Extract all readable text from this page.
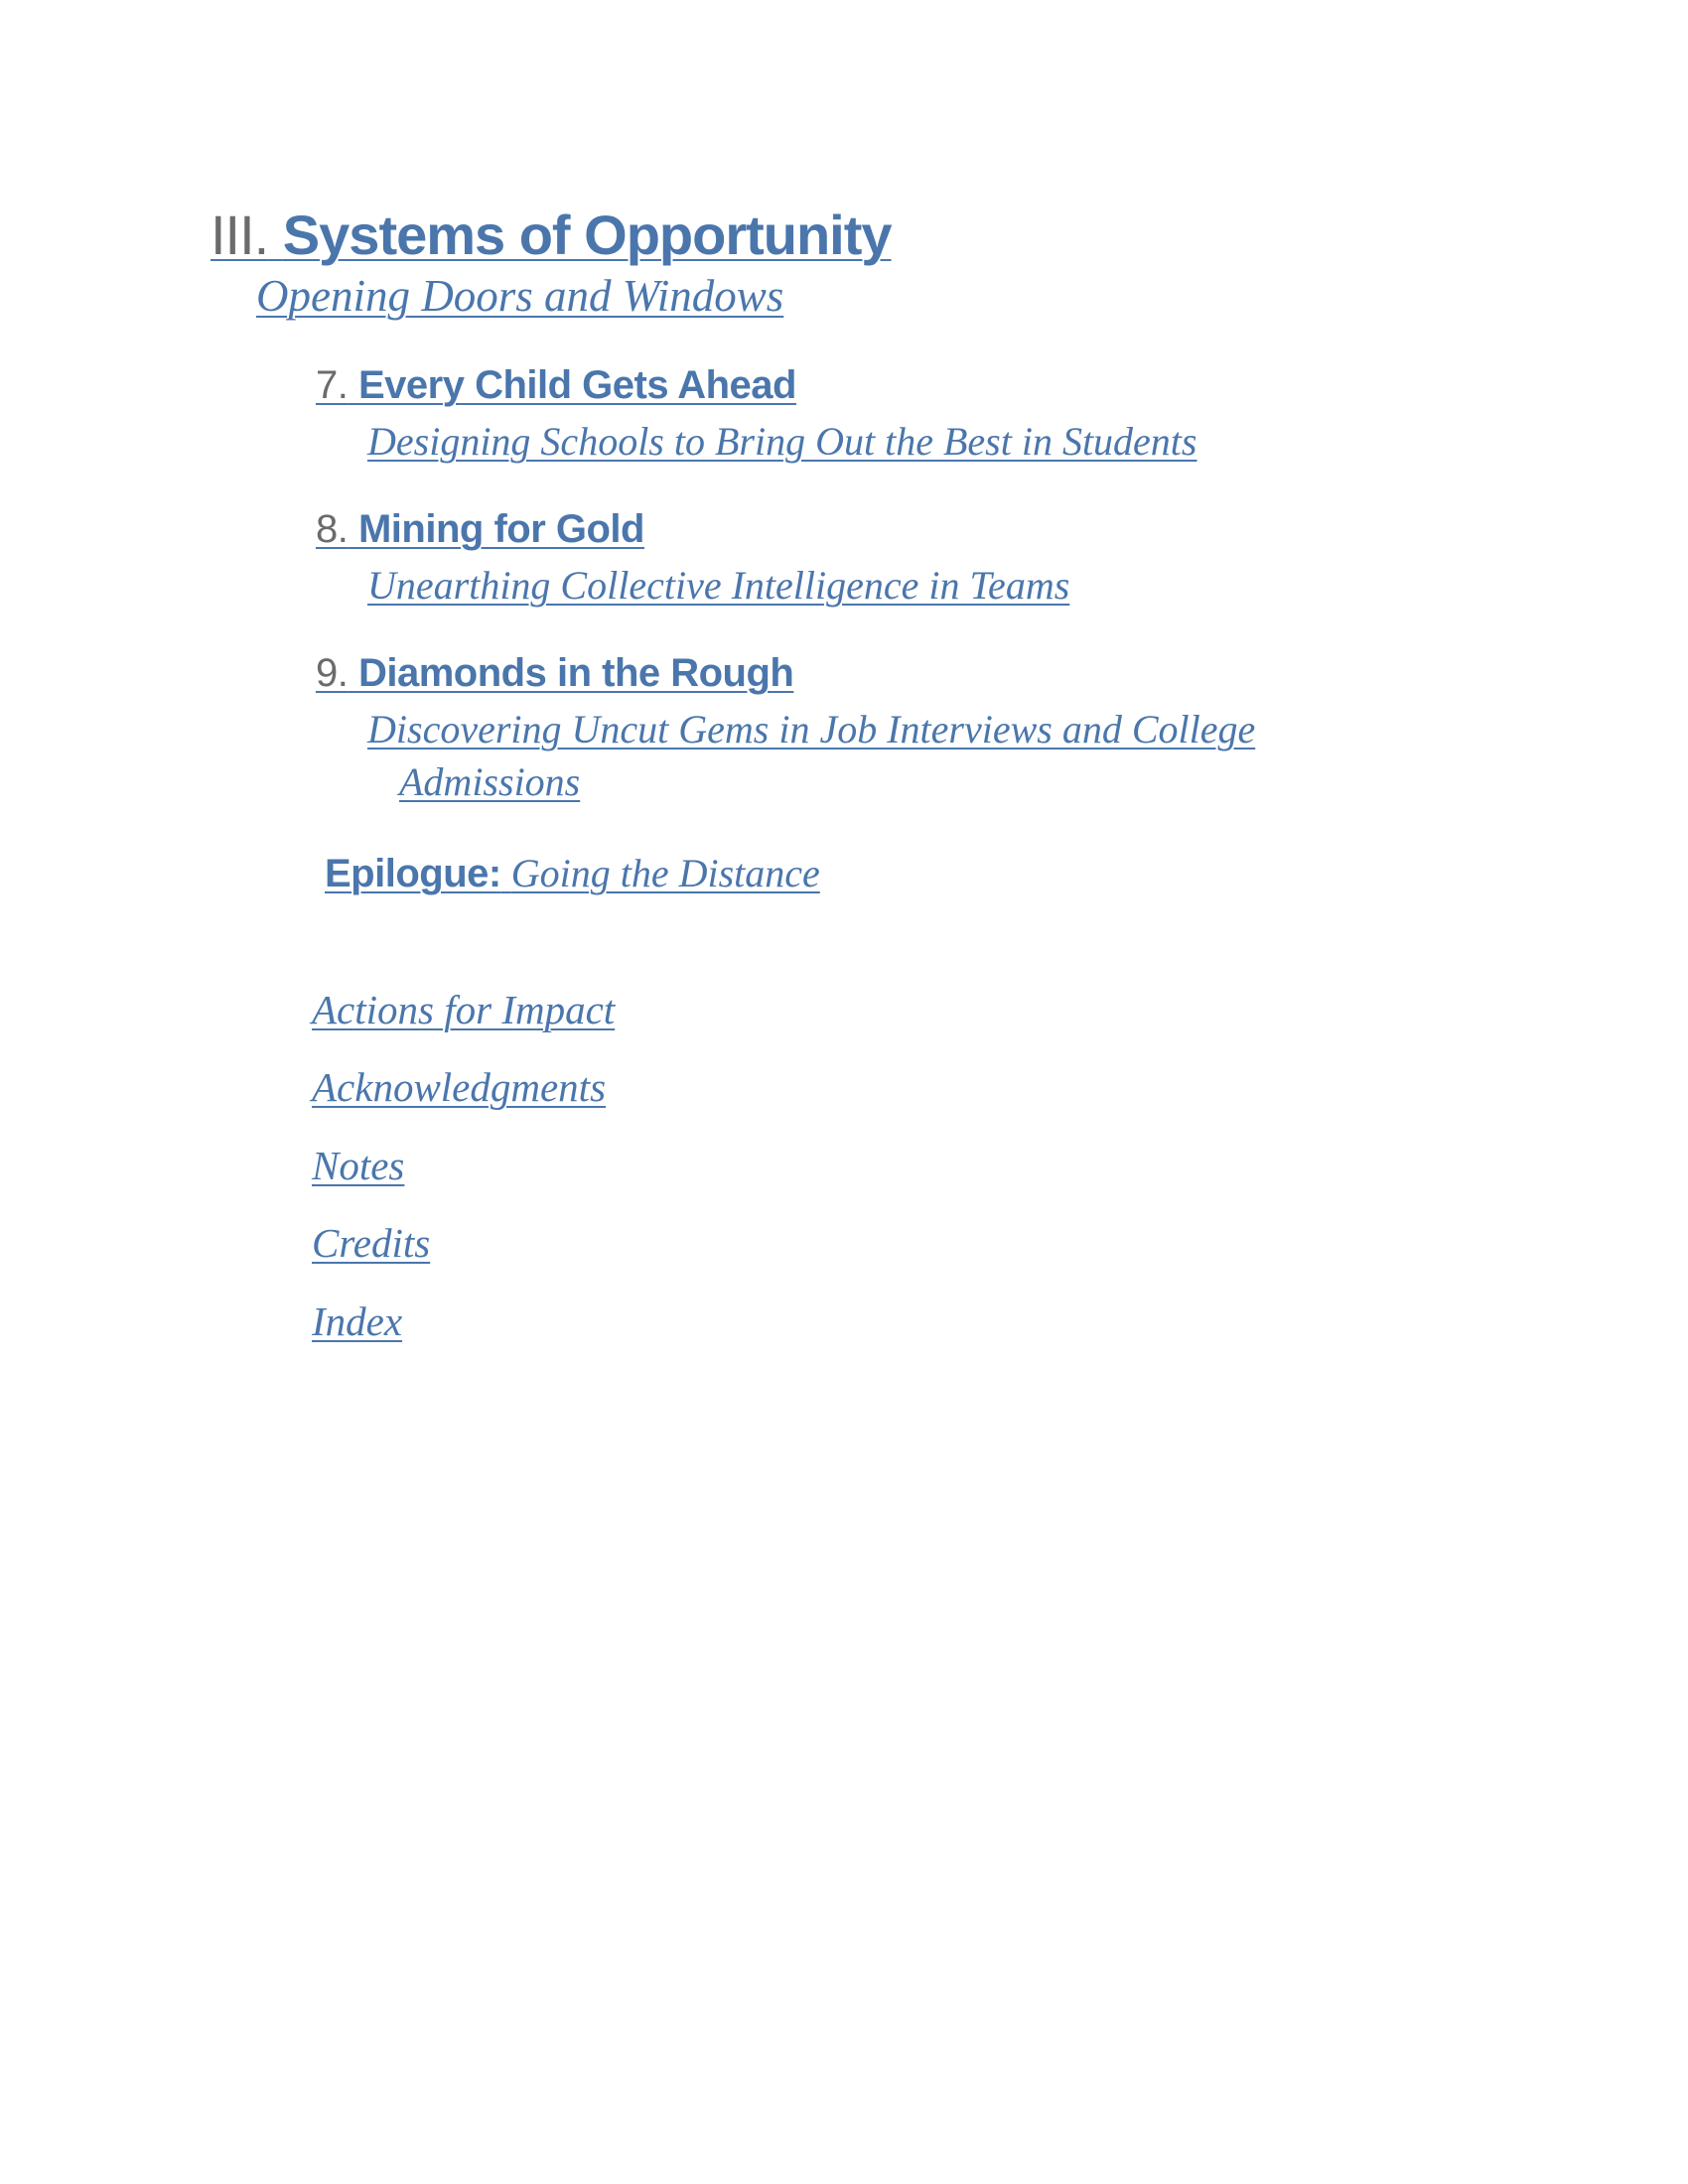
III. Systems of Opportunity
Opening Doors and Windows
7. Every Child Gets Ahead
Designing Schools to Bring Out the Best in Students
8. Mining for Gold
Unearthing Collective Intelligence in Teams
9. Diamonds in the Rough
Discovering Uncut Gems in Job Interviews and College
Admissions
Epilogue: Going the Distance
Actions for Impact
Acknowledgments
Notes
Credits
Index
